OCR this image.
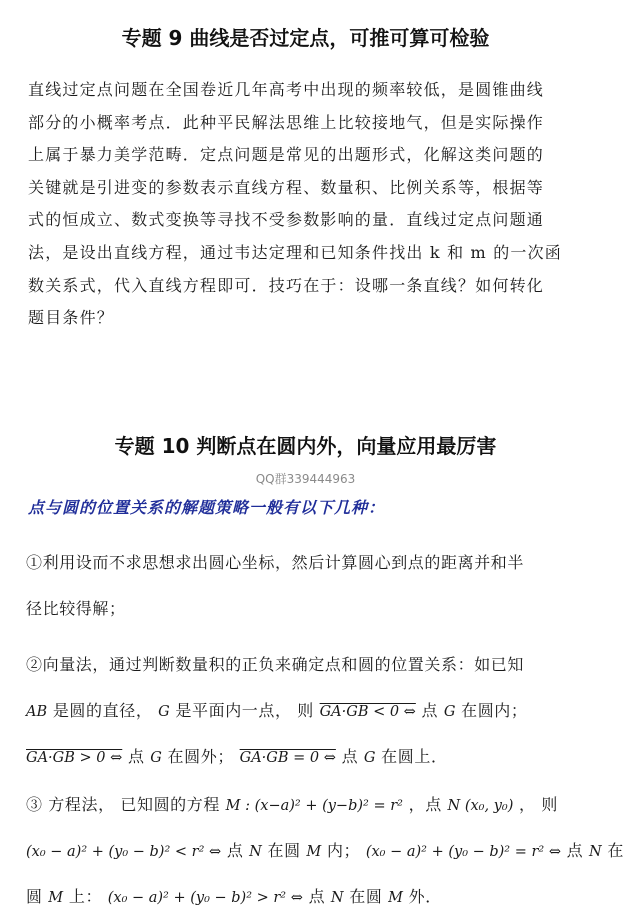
专题 9 曲线是否过定点，可推可算可检验
直线过定点问题在全国卷近几年高考中出现的频率较低，是圆锥曲线
部分的小概率考点．此种平民解法思维上比较接地气，但是实际操作
上属于暴力美学范畴．定点问题是常见的出题形式，化解这类问题的
关键就是引进变的参数表示直线方程、数量积、比例关系等，根据等
式的恒成立、数式变换等寻找不受参数影响的量．直线过定点问题通
法，是设出直线方程，通过韦达定理和已知条件找出 k 和 m 的一次函
数关系式，代入直线方程即可．技巧在于：设哪一条直线？如何转化
题目条件？
专题 10 判断点在圆内外，向量应用最厉害
QQ群339444963
点与圆的位置关系的解题策略一般有以下几种：
①利用设而不求思想求出圆心坐标，然后计算圆心到点的距离并和半
径比较得解；
②向量法，通过判断数量积的正负来确定点和圆的位置关系：如已知
AB 是圆的直径， G 是平面内一点， 则 GA·GB < 0 ⇔ 点 G 在圆内；
GA·GB > 0 ⇔ 点 G 在圆外； GA·GB = 0 ⇔ 点 G 在圆上．
③ 方程法， 已知圆的方程 M : (x−a)² + (y−b)² = r² ，点 N (x₀, y₀) ， 则
(x₀ − a)² + (y₀ − b)² < r² ⇔ 点 N 在圆 M 内； (x₀ − a)² + (y₀ − b)² = r² ⇔ 点 N 在
圆 M 上： (x₀ − a)² + (y₀ − b)² > r² ⇔ 点 N 在圆 M 外．
